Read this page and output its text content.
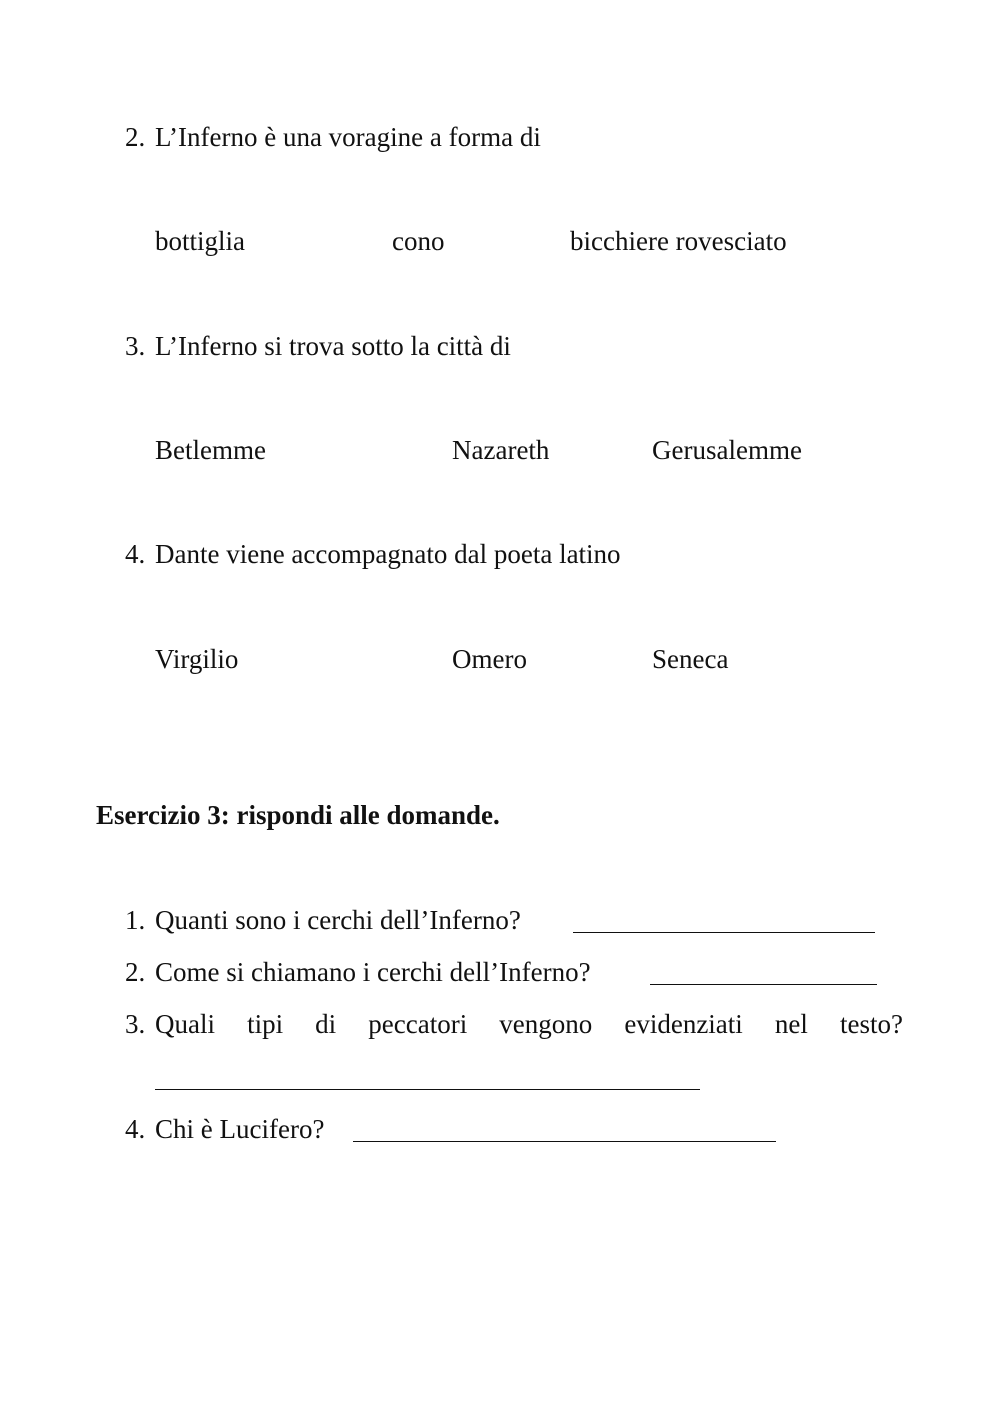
2. L’Inferno è una voragine a forma di
bottiglia	cono	bicchiere rovesciato
3. L’Inferno si trova sotto la città di
Betlemme	Nazareth	Gerusalemme
4. Dante viene accompagnato dal poeta latino
Virgilio	Omero	Seneca
Esercizio 3: rispondi alle domande.
1. Quanti sono i cerchi dell’Inferno?
2. Come si chiamano i cerchi dell’Inferno?
3. Quali tipi di peccatori vengono evidenziati nel testo?
4. Chi è Lucifero?
